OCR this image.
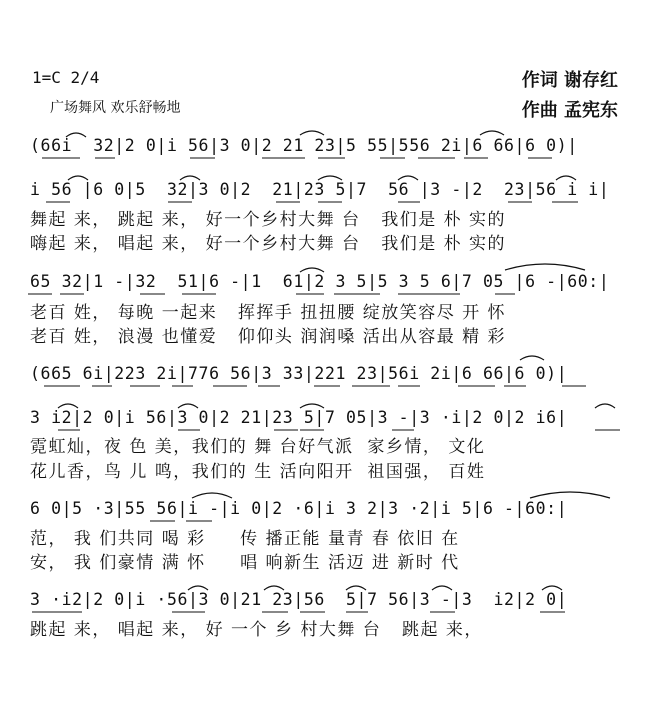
1=C 2/4
广场舞风 欢乐舒畅地
作词 谢存红
作曲 孟宪东
(66i  32|2 0|i 56|3 0|2 21 23|5 55|556 2i|6 66|6 0)|
i 56 |6 0|5  32|3 0|2  21|23 5|7  56 |3 -|2  23|56 i i|
舞起 来， 跳起 来， 好一个乡村大舞 台   我们是 朴 实的
嗨起 来， 唱起 来， 好一个乡村大舞 台   我们是 朴 实的
65 32|1 -|32  51|6 -|1  61|2 3 5|5 3 5 6|7 05 |6 -|60:|
老百 姓， 每晚 一起来   挥挥手 扭扭腰 绽放笑容尽 开 怀
老百 姓， 浪漫 也懂爱   仰仰头 润润嗓 活出从容最 精 彩
(665 6i|223 2i|776 56|3 33|221 23|56i 2i|6 66|6 0)|
3 i2|2 0|i 56|3 0|2 21|23 5|7 05|3 -|3 ·i|2 0|2 i6|
霓虹灿，夜 色 美，我们的 舞 台好气派  家乡情， 文化
花儿香，鸟 儿 鸣，我们的 生 活向阳开  祖国强， 百姓
6 0|5 ·3|55 56|i -|i 0|2 ·6|i 3 2|3 ·2|i 5|6 -|60:|
范， 我 们共同 喝 彩     传 播正能 量青 春 依旧 在
安， 我 们豪情 满 怀     唱 响新生 活迈 进 新时 代
3 ·i2|2 0|i ·56|3 0|21 23|56  5|7 56|3 -|3  i2|2 0|
跳起 来， 唱起 来， 好 一个 乡 村大舞 台   跳起 来，
